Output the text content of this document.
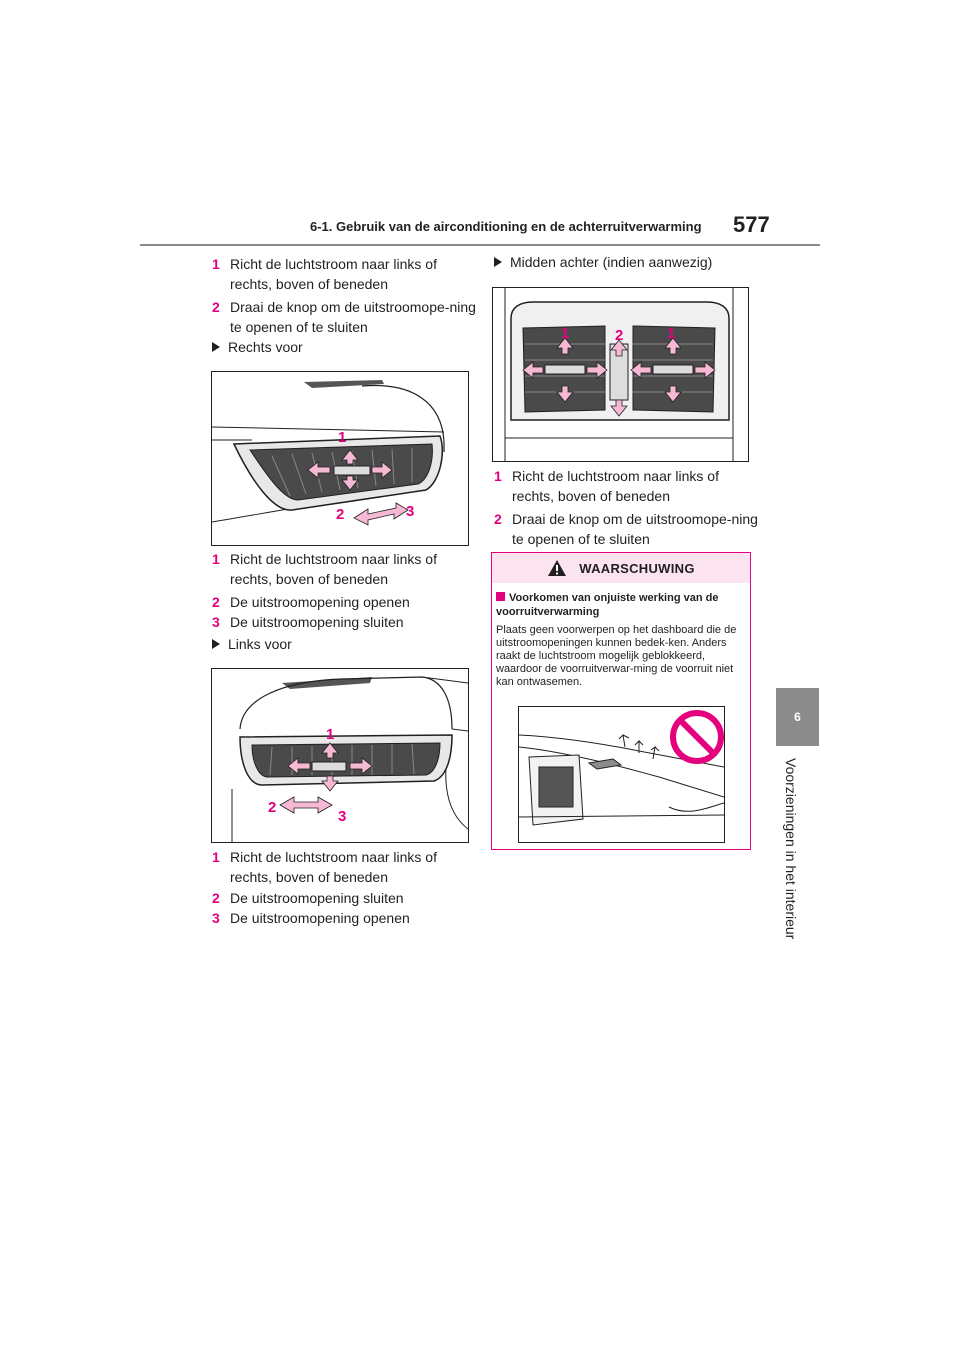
6-1. Gebruik van de airconditioning en de achterruitverwarming 577
6
Voorzieningen in het interieur
1 Richt de luchtstroom naar links of rechts, boven of beneden
2 Draai de knop om de uitstroomope-ning te openen of te sluiten
Rechts voor
1
2	3
1 Richt de luchtstroom naar links of rechts, boven of beneden
2 De uitstroomopening openen
3 De uitstroomopening sluiten
Links voor
1
2
3
1 Richt de luchtstroom naar links of rechts, boven of beneden
2 De uitstroomopening sluiten
3 De uitstroomopening openen
Midden achter (indien aanwezig)
1	2	1
1 Richt de luchtstroom naar links of rechts, boven of beneden
2 Draai de knop om de uitstroomope-ning te openen of te sluiten
WAARSCHUWING
Voorkomen van onjuiste werking van de voorruitverwarming
Plaats geen voorwerpen op het dashboard die de uitstroomopeningen kunnen bedek-ken. Anders raakt de luchtstroom mogelijk geblokkeerd, waardoor de voorruitverwar-ming de voorruit niet kan ontwasemen.
